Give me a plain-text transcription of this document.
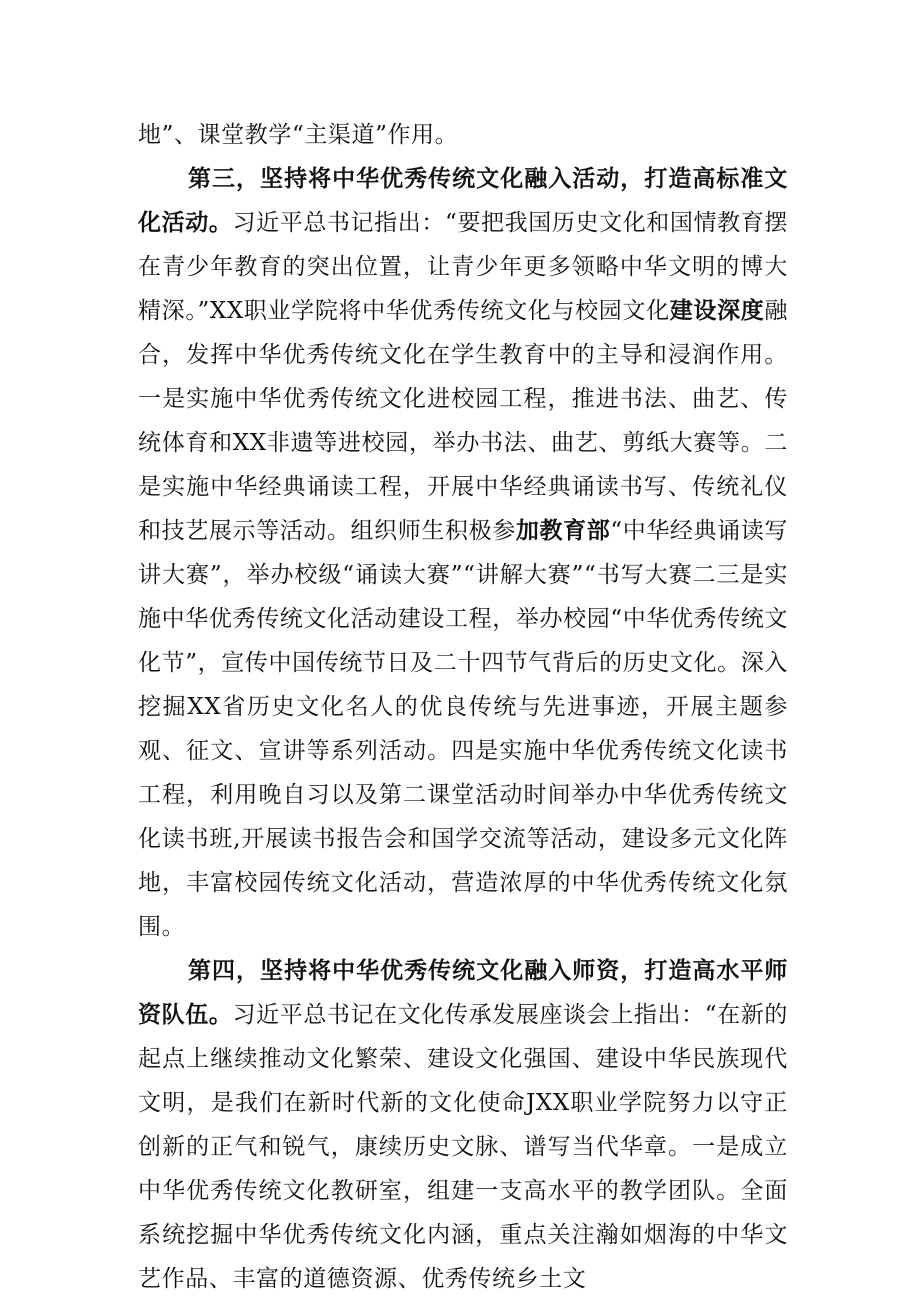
地”、课堂教学“主渠道”作用。

第三，坚持将中华优秀传统文化融入活动，打造高标准文化活动。习近平总书记指出：“要把我国历史文化和国情教育摆在青少年教育的突出位置，让青少年更多领略中华文明的博大精深。”XX职业学院将中华优秀传统文化与校园文化建设深度融合，发挥中华优秀传统文化在学生教育中的主导和浸润作用。一是实施中华优秀传统文化进校园工程，推进书法、曲艺、传统体育和XX非遗等进校园，举办书法、曲艺、剪纸大赛等。二是实施中华经典诵读工程，开展中华经典诵读书写、传统礼仪和技艺展示等活动。组织师生积极参加教育部“中华经典诵读写讲大赛”，举办校级“诵读大赛”“讲解大赛”“书写大赛二三是实施中华优秀传统文化活动建设工程，举办校园“中华优秀传统文化节”，宣传中国传统节日及二十四节气背后的历史文化。深入挖掘XX省历史文化名人的优良传统与先进事迹，开展主题参观、征文、宣讲等系列活动。四是实施中华优秀传统文化读书工程，利用晚自习以及第二课堂活动时间举办中华优秀传统文化读书班,开展读书报告会和国学交流等活动，建设多元文化阵地，丰富校园传统文化活动，营造浓厚的中华优秀传统文化氛围。

第四，坚持将中华优秀传统文化融入师资，打造高水平师资队伍。习近平总书记在文化传承发展座谈会上指出：“在新的起点上继续推动文化繁荣、建设文化强国、建设中华民族现代文明，是我们在新时代新的文化使命JXX职业学院努力以守正创新的正气和锐气，康续历史文脉、谱写当代华章。一是成立中华优秀传统文化教研室，组建一支高水平的教学团队。全面系统挖掘中华优秀传统文化内涵，重点关注瀚如烟海的中华文艺作品、丰富的道德资源、优秀传统乡土文
